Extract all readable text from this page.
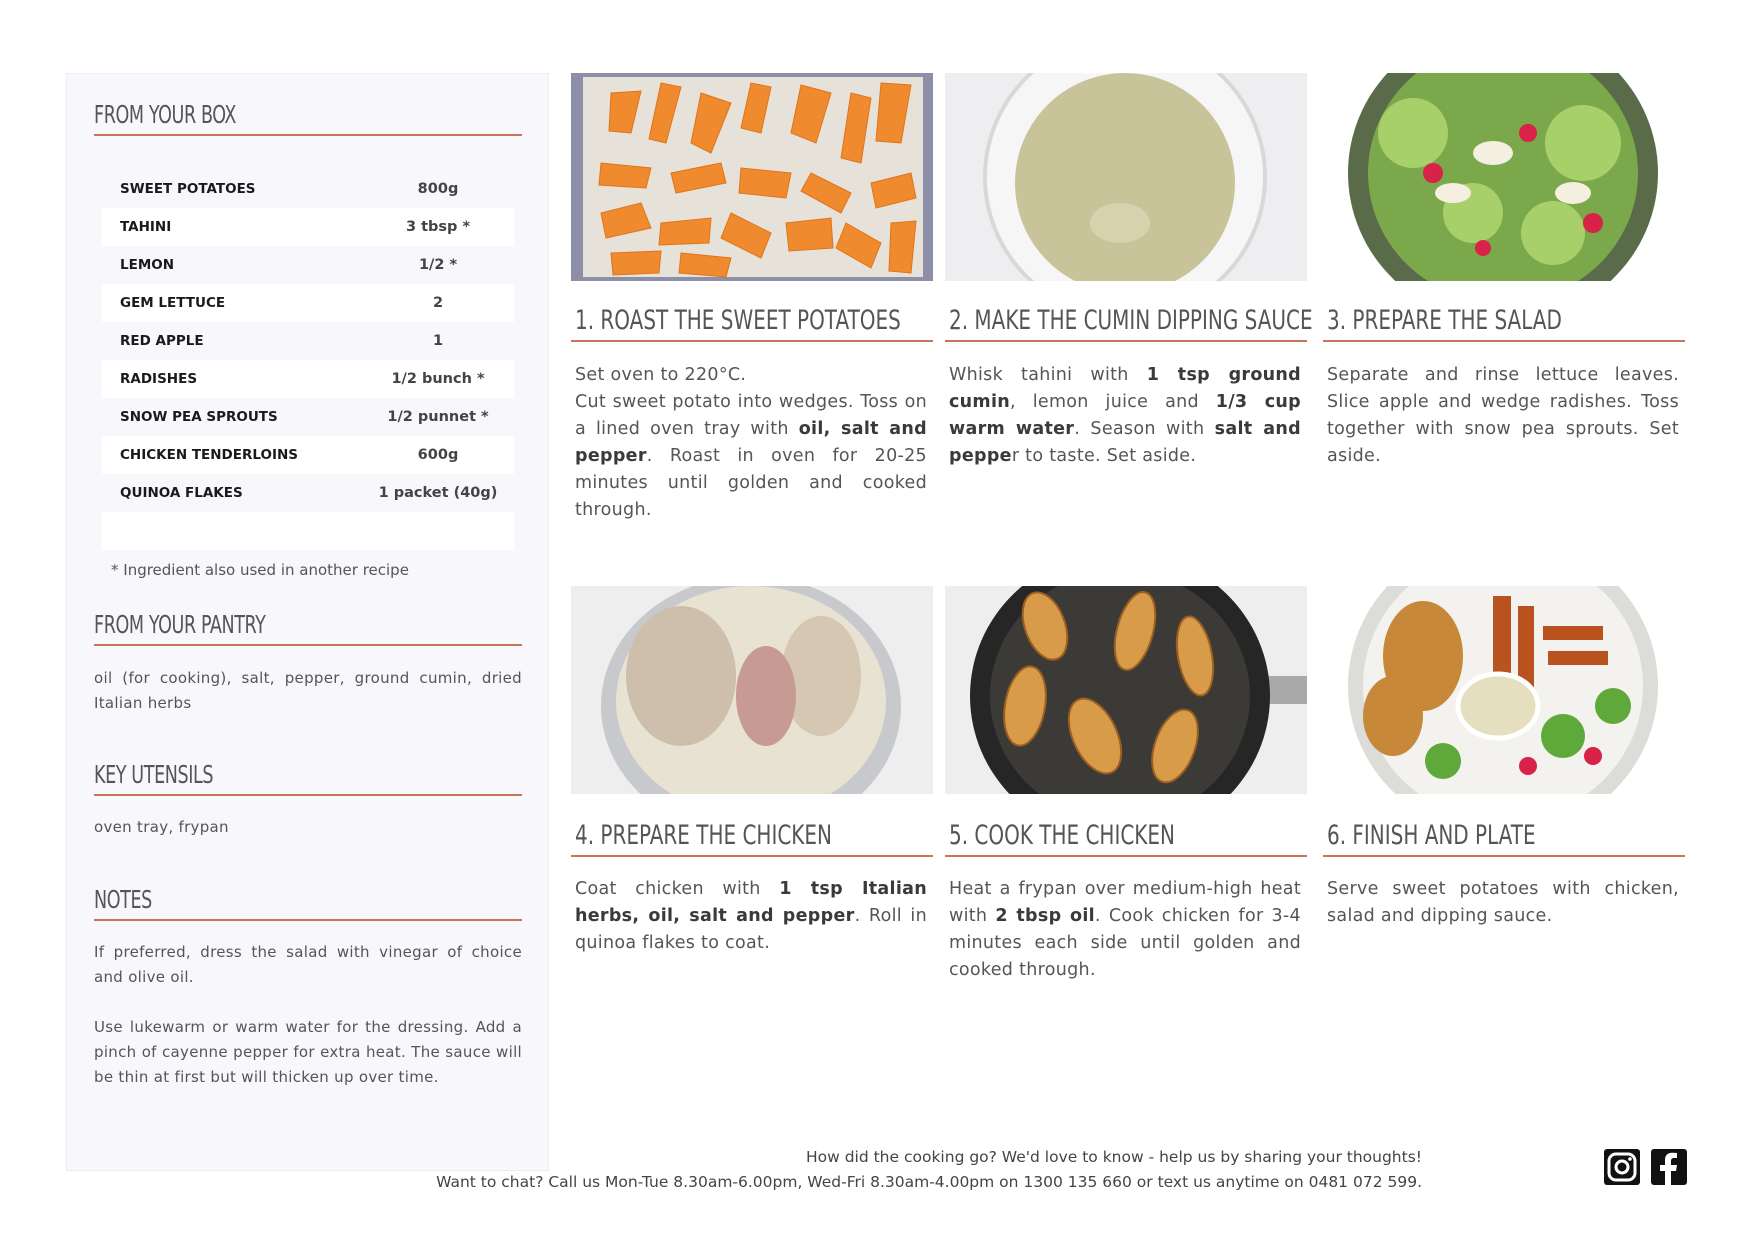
FROM YOUR BOX
SWEET POTATOES	800g
TAHINI	3 tbsp *
LEMON	1/2 *
GEM LETTUCE	2
RED APPLE	1
RADISHES	1/2 bunch *
SNOW PEA SPROUTS	1/2 punnet *
CHICKEN TENDERLOINS	600g
QUINOA FLAKES	1 packet (40g)
* Ingredient also used in another recipe
FROM YOUR PANTRY
oil (for cooking), salt, pepper, ground cumin, dried Italian herbs
KEY UTENSILS
oven tray, frypan
NOTES
If preferred, dress the salad with vinegar of choice and olive oil.
Use lukewarm or warm water for the dressing. Add a pinch of cayenne pepper for extra heat. The sauce will be thin at first but will thicken up over time.
1. ROAST THE SWEET POTATOES
Set oven to 220°C.
Cut sweet potato into wedges. Toss on a lined oven tray with oil, salt and pepper. Roast in oven for 20-25 minutes until golden and cooked through.
2. MAKE THE CUMIN DIPPING SAUCE
Whisk tahini with 1 tsp ground cumin, lemon juice and 1/3 cup warm water. Season with salt and pepper to taste. Set aside.
3. PREPARE THE SALAD
Separate and rinse lettuce leaves. Slice apple and wedge radishes. Toss together with snow pea sprouts. Set aside.
4. PREPARE THE CHICKEN
Coat chicken with 1 tsp Italian herbs, oil, salt and pepper. Roll in quinoa flakes to coat.
5. COOK THE CHICKEN
Heat a frypan over medium-high heat with 2 tbsp oil. Cook chicken for 3-4 minutes each side until golden and cooked through.
6. FINISH AND PLATE
Serve sweet potatoes with chicken, salad and dipping sauce.
How did the cooking go? We'd love to know - help us by sharing your thoughts!
Want to chat? Call us Mon-Tue 8.30am-6.00pm, Wed-Fri 8.30am-4.00pm on 1300 135 660 or text us anytime on 0481 072 599.
